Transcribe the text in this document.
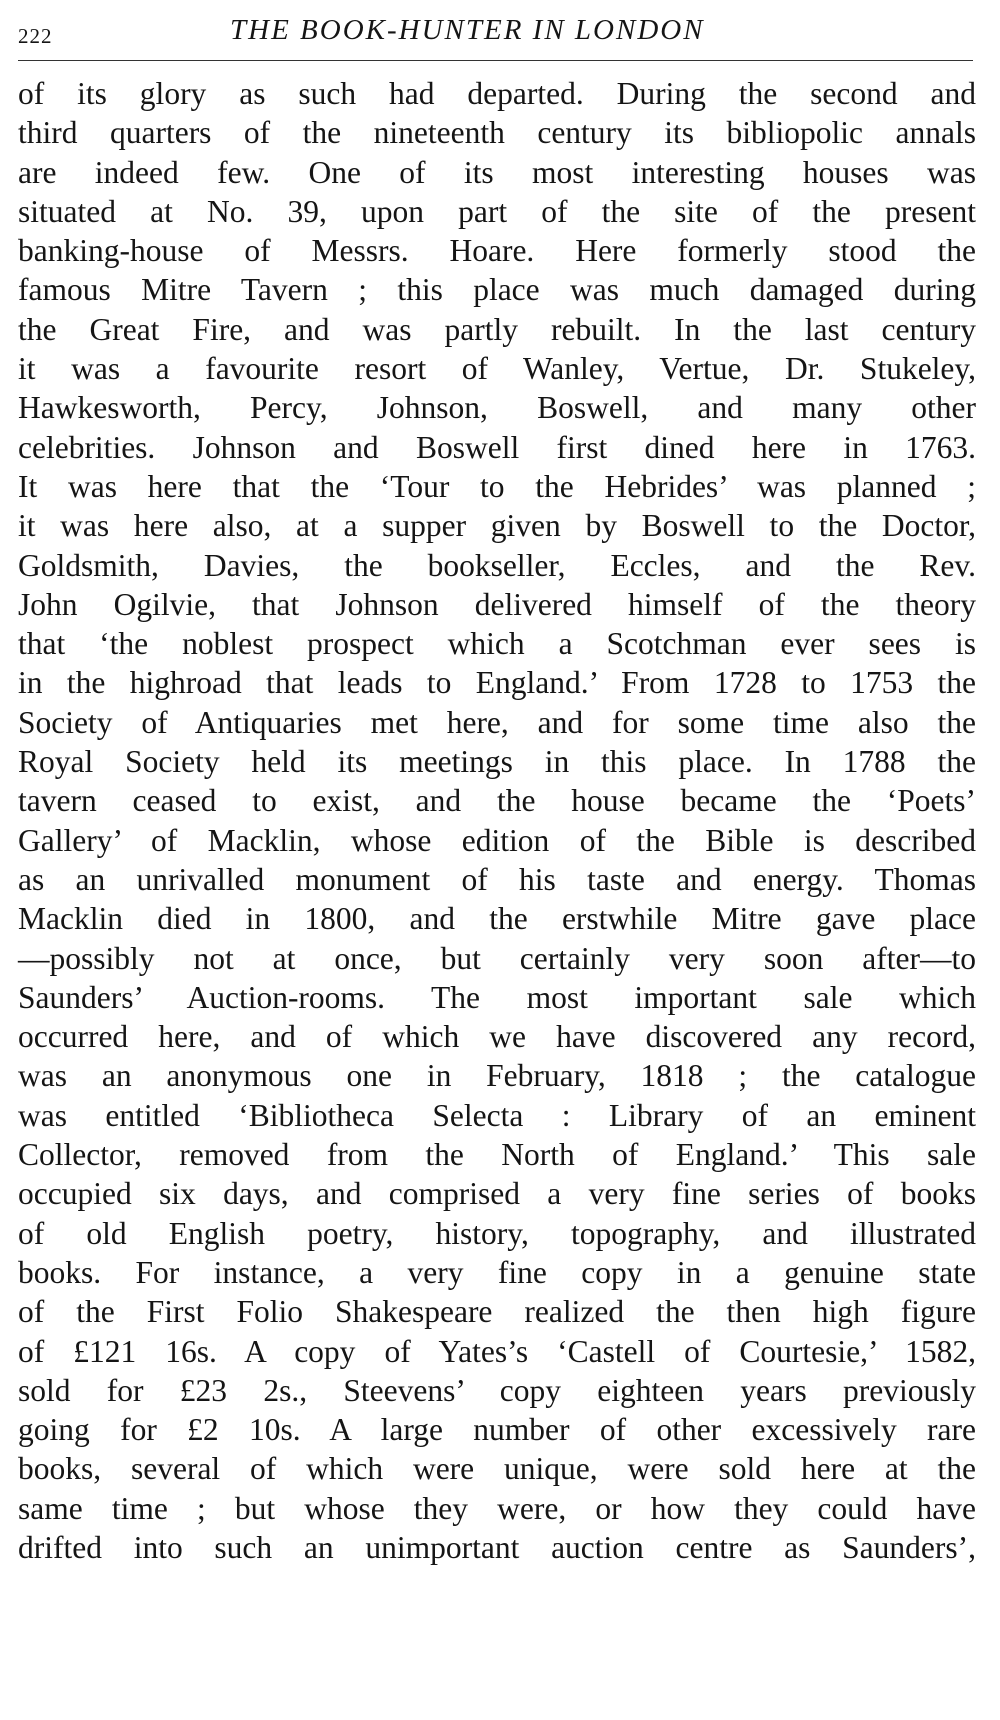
222	THE BOOK-HUNTER IN LONDON
of its glory as such had departed. During the second and
third quarters of the nineteenth century its bibliopolic annals
are indeed few. One of its most interesting houses was
situated at No. 39, upon part of the site of the present
banking-house of Messrs. Hoare. Here formerly stood the
famous Mitre Tavern ; this place was much damaged during
the Great Fire, and was partly rebuilt. In the last century
it was a favourite resort of Wanley, Vertue, Dr. Stukeley,
Hawkesworth, Percy, Johnson, Boswell, and many other
celebrities. Johnson and Boswell first dined here in 1763.
It was here that the ‘Tour to the Hebrides’ was planned ;
it was here also, at a supper given by Boswell to the Doctor,
Goldsmith, Davies, the bookseller, Eccles, and the Rev.
John Ogilvie, that Johnson delivered himself of the theory
that ‘the noblest prospect which a Scotchman ever sees is
in the highroad that leads to England.’ From 1728 to 1753 the
Society of Antiquaries met here, and for some time also the
Royal Society held its meetings in this place. In 1788 the
tavern ceased to exist, and the house became the ‘Poets’
Gallery’ of Macklin, whose edition of the Bible is described
as an unrivalled monument of his taste and energy. Thomas
Macklin died in 1800, and the erstwhile Mitre gave place
—possibly not at once, but certainly very soon after—to
Saunders’ Auction-rooms. The most important sale which
occurred here, and of which we have discovered any record,
was an anonymous one in February, 1818 ; the catalogue
was entitled ‘Bibliotheca Selecta : Library of an eminent
Collector, removed from the North of England.’ This sale
occupied six days, and comprised a very fine series of books
of old English poetry, history, topography, and illustrated
books. For instance, a very fine copy in a genuine state
of the First Folio Shakespeare realized the then high figure
of £121 16s. A copy of Yates’s ‘Castell of Courtesie,’ 1582,
sold for £23 2s., Steevens’ copy eighteen years previously
going for £2 10s. A large number of other excessively rare
books, several of which were unique, were sold here at the
same time ; but whose they were, or how they could have
drifted into such an unimportant auction centre as Saunders’,
